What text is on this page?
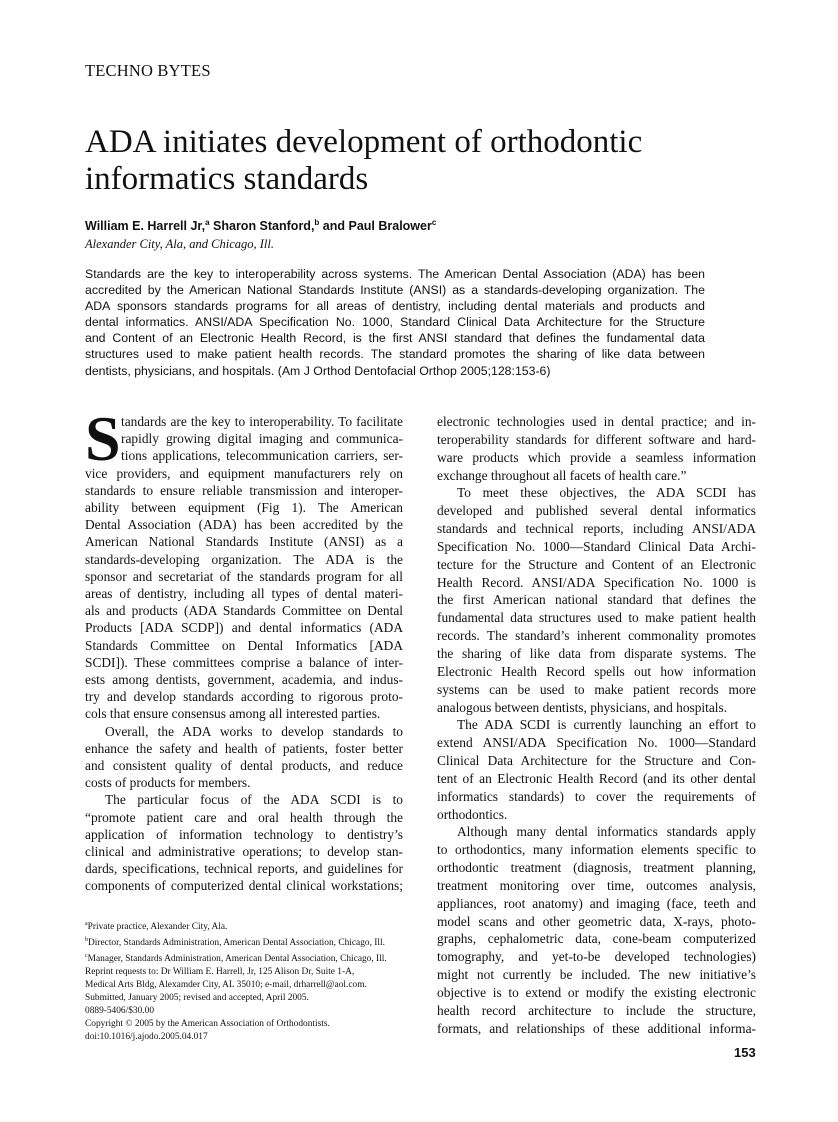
TECHNO BYTES
ADA initiates development of orthodontic
informatics standards
William E. Harrell Jr,$^a$ Sharon Stanford,$^b$ and Paul Bralower$^c$
Alexander City, Ala, and Chicago, Ill.
Standards are the key to interoperability across systems. The American Dental Association (ADA) has been
accredited by the American National Standards Institute (ANSI) as a standards-developing organization. The
ADA sponsors standards programs for all areas of dentistry, including dental materials and products and
dental informatics. ANSI/ADA Specification No. 1000, Standard Clinical Data Architecture for the Structure
and Content of an Electronic Health Record, is the first ANSI standard that defines the fundamental data
structures used to make patient health records. The standard promotes the sharing of like data between
dentists, physicians, and hospitals. (Am J Orthod Dentofacial Orthop 2005;128:153-6)
S tandards are the key to interoperability. To facilitate
rapidly growing digital imaging and communica-
tions applications, telecommunication carriers, ser-
vice providers, and equipment manufacturers rely on
standards to ensure reliable transmission and interoper-
ability between equipment (Fig 1). The American
Dental Association (ADA) has been accredited by the
American National Standards Institute (ANSI) as a
standards-developing organization. The ADA is the
sponsor and secretariat of the standards program for all
areas of dentistry, including all types of dental materi-
als and products (ADA Standards Committee on Dental
Products [ADA SCDP]) and dental informatics (ADA
Standards Committee on Dental Informatics [ADA
SCDI]). These committees comprise a balance of inter-
ests among dentists, government, academia, and indus-
try and develop standards according to rigorous proto-
cols that ensure consensus among all interested parties.
Overall, the ADA works to develop standards to
enhance the safety and health of patients, foster better
and consistent quality of dental products, and reduce
costs of products for members.
The particular focus of the ADA SCDI is to
“promote patient care and oral health through the
application of information technology to dentistry’s
clinical and administrative operations; to develop stan-
dards, specifications, technical reports, and guidelines for
components of computerized dental clinical workstations;
electronic technologies used in dental practice; and in-
teroperability standards for different software and hard-
ware products which provide a seamless information
exchange throughout all facets of health care.”
To meet these objectives, the ADA SCDI has
developed and published several dental informatics
standards and technical reports, including ANSI/ADA
Specification No. 1000—Standard Clinical Data Archi-
tecture for the Structure and Content of an Electronic
Health Record. ANSI/ADA Specification No. 1000 is
the first American national standard that defines the
fundamental data structures used to make patient health
records. The standard’s inherent commonality promotes
the sharing of like data from disparate systems. The
Electronic Health Record spells out how information
systems can be used to make patient records more
analogous between dentists, physicians, and hospitals.
The ADA SCDI is currently launching an effort to
extend ANSI/ADA Specification No. 1000—Standard
Clinical Data Architecture for the Structure and Con-
tent of an Electronic Health Record (and its other dental
informatics standards) to cover the requirements of
orthodontics.
Although many dental informatics standards apply
to orthodontics, many information elements specific to
orthodontic treatment (diagnosis, treatment planning,
treatment monitoring over time, outcomes analysis,
appliances, root anatomy) and imaging (face, teeth and
model scans and other geometric data, X-rays, photo-
graphs, cephalometric data, cone-beam computerized
tomography, and yet-to-be developed technologies)
might not currently be included. The new initiative’s
objective is to extend or modify the existing electronic
health record architecture to include the structure,
formats, and relationships of these additional informa-
$^a$Private practice, Alexander City, Ala.
$^b$Director, Standards Administration, American Dental Association, Chicago, Ill.
$^c$Manager, Standards Administration, American Dental Association, Chicago, Ill.
Reprint requests to: Dr William E. Harrell, Jr, 125 Alison Dr, Suite 1-A,
Medical Arts Bldg, Alexamder City, AL 35010; e-mail, drharrell@aol.com.
Submitted, January 2005; revised and accepted, April 2005.
0889-5406/$30.00
Copyright © 2005 by the American Association of Orthodontists.
doi:10.1016/j.ajodo.2005.04.017
153
